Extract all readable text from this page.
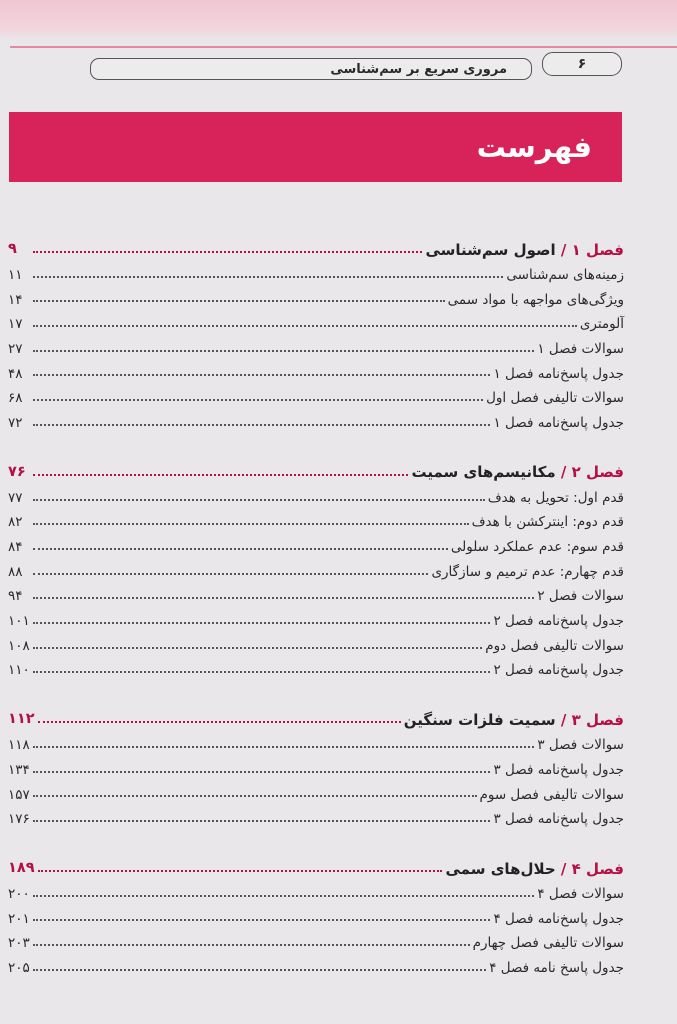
۶
مروری سریع بر سم‌شناسی
فهرست
فصل ۱ / اصول سم‌شناسی
۹
زمینه‌های سم‌شناسی
۱۱
ویژگی‌های مواجهه با مواد سمی
۱۴
آلومتری
۱۷
سوالات فصل ۱
۲۷
جدول پاسخ‌نامه فصل ۱
۴۸
سوالات تالیفی فصل اول
۶۸
جدول پاسخ‌نامه فصل ۱
۷۲
فصل ۲ / مکانیسم‌های سمیت
۷۶
قدم اول: تحویل به هدف
۷۷
قدم دوم: اینترکشن با هدف
۸۲
قدم سوم: عدم عملکرد سلولی
۸۴
قدم چهارم: عدم ترمیم و سازگاری
۸۸
سوالات فصل ۲
۹۴
جدول پاسخ‌نامه فصل ۲
۱۰۱
سوالات تالیفی فصل دوم
۱۰۸
جدول پاسخ‌نامه فصل ۲
۱۱۰
فصل ۳ / سمیت فلزات سنگین
۱۱۲
سوالات فصل ۳
۱۱۸
جدول پاسخ‌نامه فصل ۳
۱۳۴
سوالات تالیفی فصل سوم
۱۵۷
جدول پاسخ‌نامه فصل ۳
۱۷۶
فصل ۴ / حلال‌های سمی
۱۸۹
سوالات فصل ۴
۲۰۰
جدول پاسخ‌نامه فصل ۴
۲۰۱
سوالات تالیفی فصل چهارم
۲۰۳
جدول پاسخ نامه فصل ۴
۲۰۵
